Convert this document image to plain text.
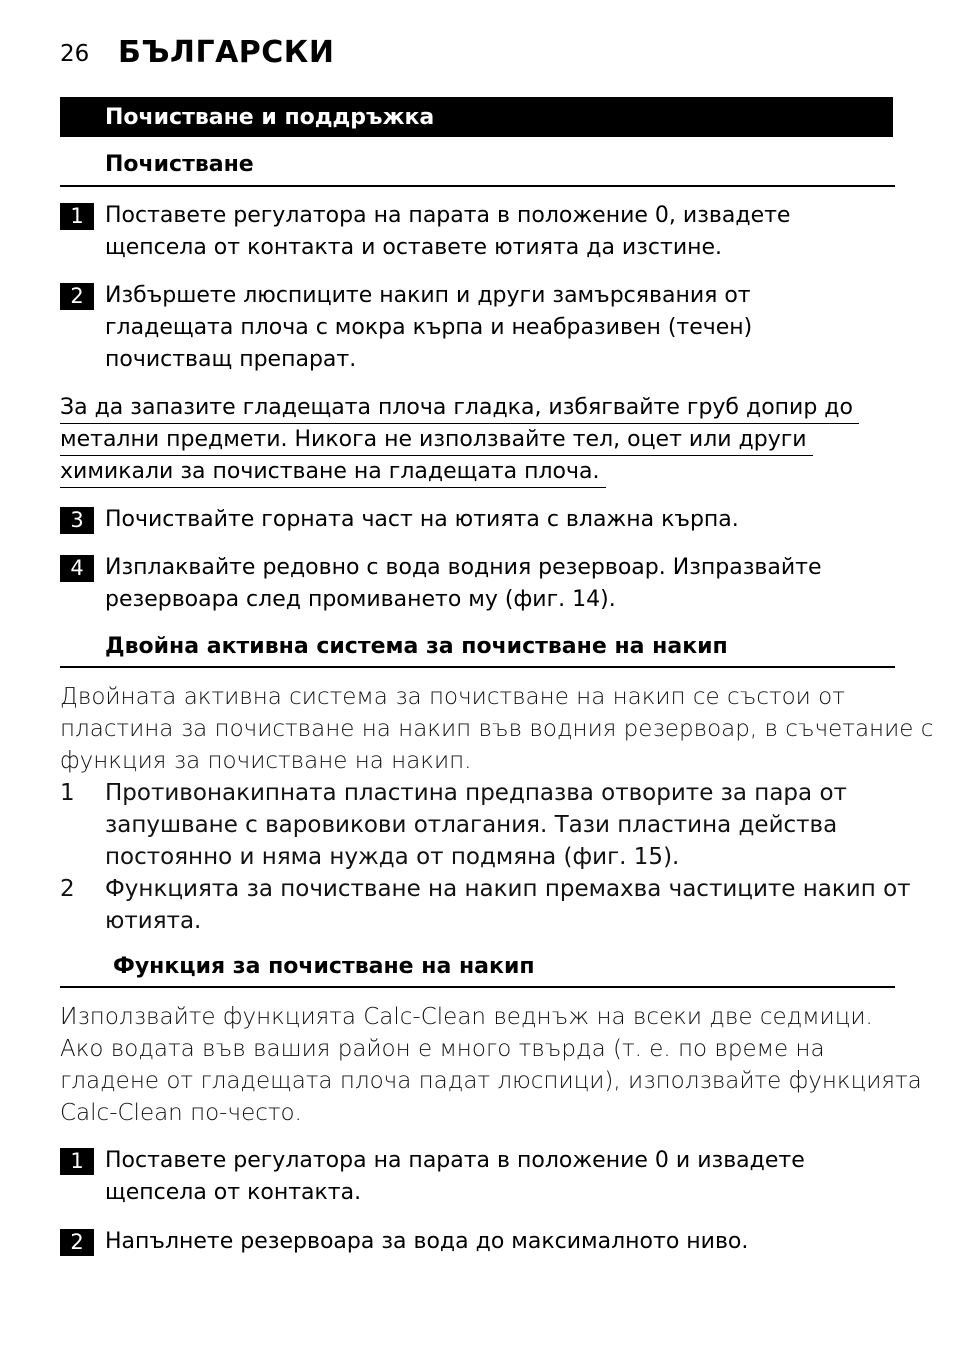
26 БЪЛГАРСКИ
Почистване и поддръжка
Почистване
1 Поставете регулатора на парата в положение 0, извадете
щепсела от контакта и оставете ютията да изстине.
2 Избършете люспиците накип и други замърсявания от
гладещата плоча с мокра кърпа и неабразивен (течен)
почистващ препарат.
За да запазите гладещата плоча гладка, избягвайте груб допир до
метални предмети. Никога не използвайте тел, оцет или други
химикали за почистване на гладещата плоча.
3 Почиствайте горната част на ютията с влажна кърпа.
4 Изплаквайте редовно с вода водния резервоар. Изпразвайте
резервоара след промиването му (фиг. 14).
Двойна активна система за почистване на накип
Двойната активна система за почистване на накип се състои от
пластина за почистване на накип във водния резервоар, в съчетание с
функция за почистване на накип.
1 Противонакипната пластина предпазва отворите за пара от
запушване с варовикови отлагания. Тази пластина действа
постоянно и няма нужда от подмяна (фиг. 15).
2 Функцията за почистване на накип премахва частиците накип от
ютията.
Функция за почистване на накип
Използвайте функцията Calc-Clean веднъж на всеки две седмици.
Ако водата във вашия район е много твърда (т. е. по време на
гладене от гладещата плоча падат люспици), използвайте функцията
Calc-Clean по-често.
1 Поставете регулатора на парата в положение 0 и извадете
щепсела от контакта.
2 Напълнете резервоара за вода до максималното ниво.
